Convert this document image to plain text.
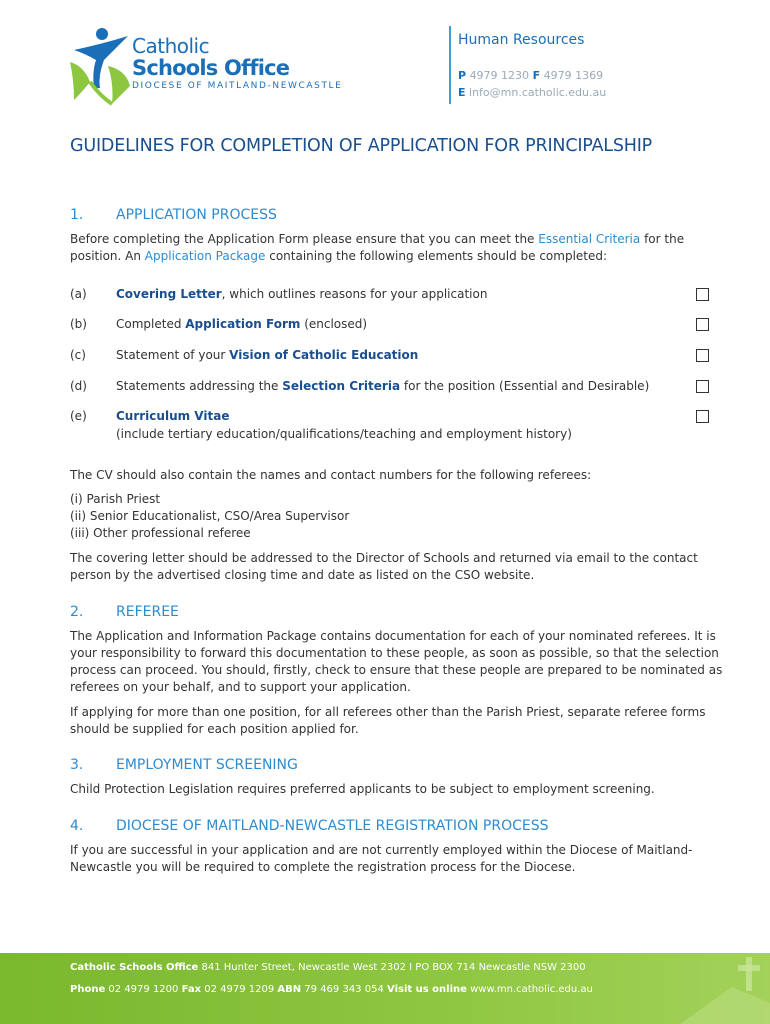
Catholic
Schools Office
DIOCESE OF MAITLAND-NEWCASTLE
Human Resources
P 4979 1230 F 4979 1369
E info@mn.catholic.edu.au
GUIDELINES FOR COMPLETION OF APPLICATION FOR PRINCIPALSHIP
1. APPLICATION PROCESS
Before completing the Application Form please ensure that you can meet the Essential Criteria for the position. An Application Package containing the following elements should be completed:
(a) Covering Letter, which outlines reasons for your application
(b) Completed Application Form (enclosed)
(c)	Statement of your Vision of Catholic Education
(d) Statements addressing the Selection Criteria for the position (Essential and Desirable)
(e) Curriculum Vitae
(include tertiary education/qualifications/teaching and employment history)
The CV should also contain the names and contact numbers for the following referees:
(i) Parish Priest
(ii) Senior Educationalist, CSO/Area Supervisor
(iii) Other professional referee
The covering letter should be addressed to the Director of Schools and returned via email to the contact person by the advertised closing time and date as listed on the CSO website.
2. REFEREE
The Application and Information Package contains documentation for each of your nominated referees. It is your responsibility to forward this documentation to these people, as soon as possible, so that the selection process can proceed. You should, firstly, check to ensure that these people are prepared to be nominated as referees on your behalf, and to support your application.
If applying for more than one position, for all referees other than the Parish Priest, separate referee forms should be supplied for each position applied for.
3. EMPLOYMENT SCREENING
Child Protection Legislation requires preferred applicants to be subject to employment screening.
4. DIOCESE OF MAITLAND-NEWCASTLE REGISTRATION PROCESS
If you are successful in your application and are not currently employed within the Diocese of Maitland-Newcastle you will be required to complete the registration process for the Diocese.
Catholic Schools Office 841 Hunter Street, Newcastle West 2302 I PO BOX 714 Newcastle NSW 2300
Phone 02 4979 1200 Fax 02 4979 1209 ABN 79 469 343 054 Visit us online www.mn.catholic.edu.au
